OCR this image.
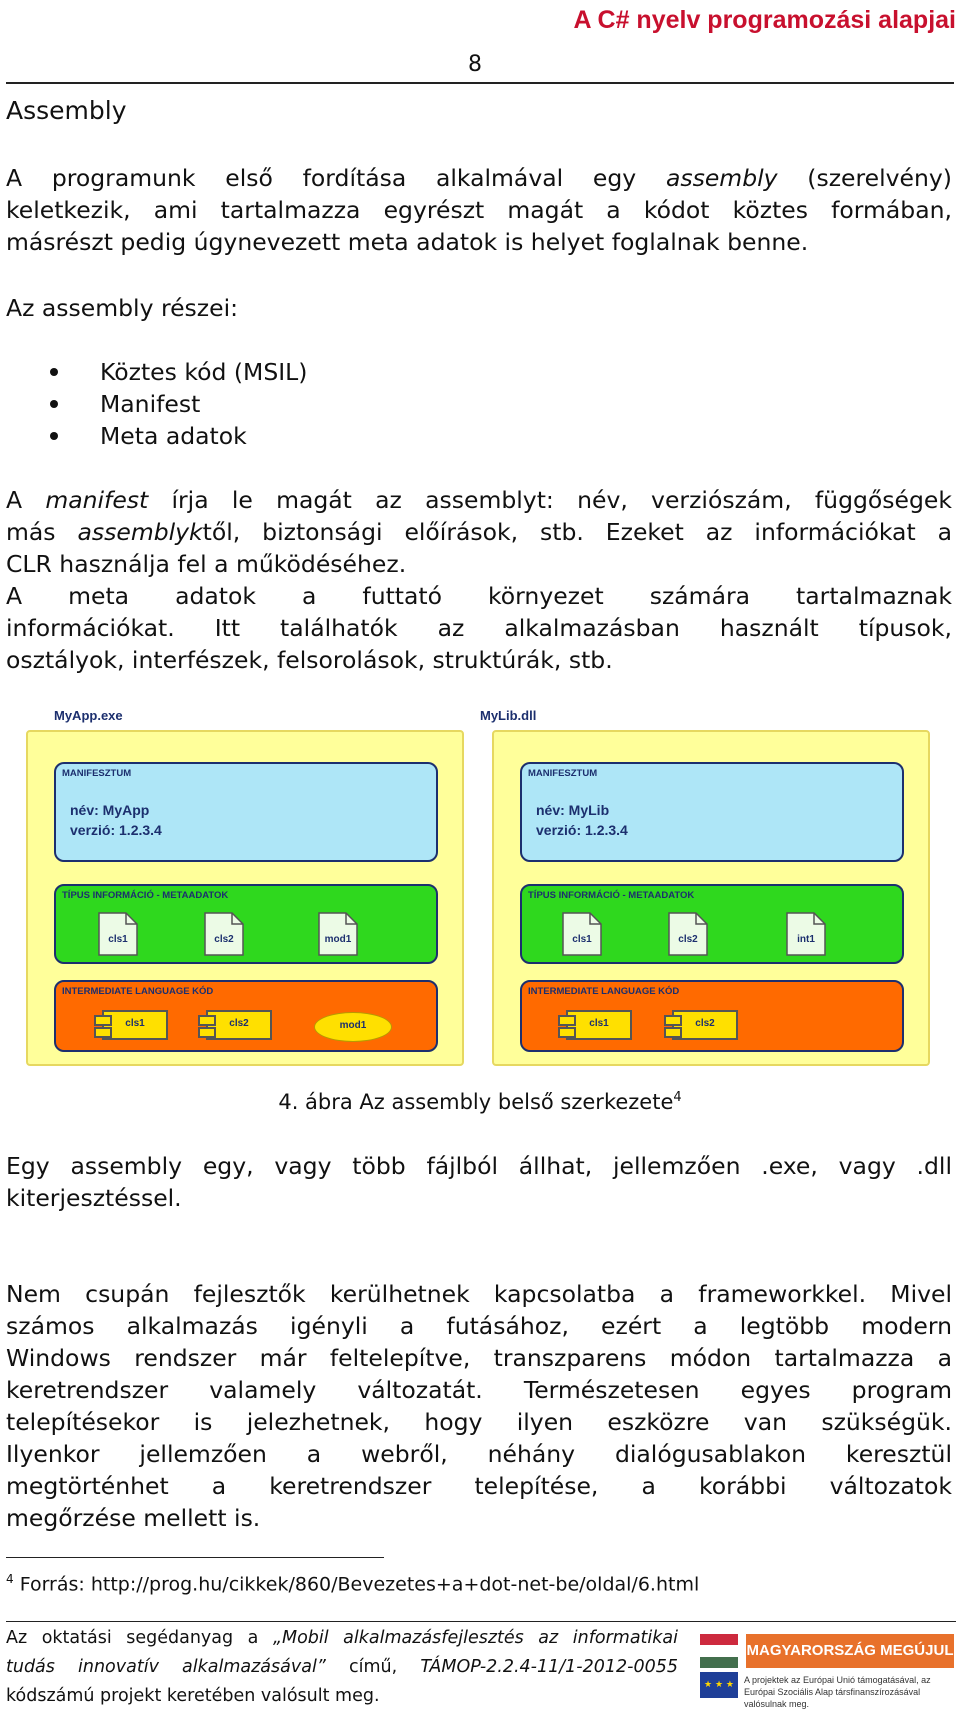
A C# nyelv programozási alapjai
8
Assembly

A programunk első fordítása alkalmával egy assembly (szerelvény)

keletkezik, ami tartalmazza egyrészt magát a kódot köztes formában,

másrészt pedig úgynevezett meta adatok is helyet foglalnak benne.

Az assembly részei:
Köztes kód (MSIL)
Manifest
Meta adatok

A manifest írja le magát az assemblyt: név, verziószám, függőségek

más assemblyktől, biztonsági előírások, stb. Ezeket az információkat a

CLR használja fel a működéséhez.

A meta adatok a futtató környezet számára tartalmaznak

információkat. Itt találhatók az alkalmazásban használt típusok,

osztályok, interfészek, felsorolások, struktúrák, stb.

MyApp.exe
MANIFESZTUM
név: MyApp
verzió: 1.2.3.4
TÍPUS INFORMÁCIÓ - METAADATOK
cls1	cls2	mod1
INTERMEDIATE LANGUAGE KÓD
cls1	cls2	mod1
MyLib.dll
MANIFESZTUM
név: MyLib
verzió: 1.2.3.4
TÍPUS INFORMÁCIÓ - METAADATOK
cls1	cls2	int1
INTERMEDIATE LANGUAGE KÓD
cls1	cls2
4. ábra Az assembly belső szerkezete$^4$

Egy assembly egy, vagy több fájlból állhat, jellemzően .exe, vagy .dll

kiterjesztéssel.

Nem csupán fejlesztők kerülhetnek kapcsolatba a frameworkkel. Mivel

számos alkalmazás igényli a futásához, ezért a legtöbb modern

Windows rendszer már feltelepítve, transzparens módon tartalmazza a

keretrendszer valamely változatát. Természetesen egyes program

telepítésekor is jelezhetnek, hogy ilyen eszközre van szükségük.

Ilyenkor jellemzően a webről, néhány dialógusablakon keresztül

megtörténhet a keretrendszer telepítése, a korábbi változatok

megőrzése mellett is.

$^4$ Forrás: http://prog.hu/cikkek/860/Bevezetes+a+dot-net-be/oldal/6.html
Az oktatási segédanyag a „Mobil alkalmazásfejlesztés az informatikai
tudás innovatív alkalmazásával” című, TÁMOP-2.2.4-11/1-2012-0055
kódszámú projekt keretében valósult meg.
MAGYARORSZÁG MEGÚJUL
★ ★ ★	A projektek az Európai Unió támogatásával, az Európai Szociális Alap társfinanszírozásával valósulnak meg.
